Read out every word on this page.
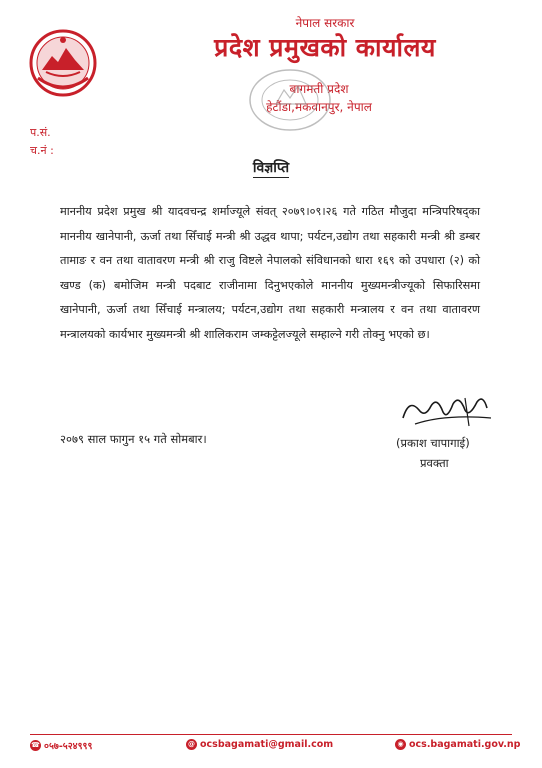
नेपाल सरकार
प्रदेश प्रमुखको कार्यालय
बागमती प्रदेश
हेटौंडा,मकवानपुर, नेपाल
प.सं.
च.नं :
विज्ञप्ति
माननीय प्रदेश प्रमुख श्री यादवचन्द्र शर्माज्यूले संवत् २०७९।०९।२६ गते गठित मौजुदा मन्त्रिपरिषद्का माननीय खानेपानी, ऊर्जा तथा सिँचाई मन्त्री श्री उद्धव थापा; पर्यटन,उद्योग तथा सहकारी मन्त्री श्री डम्बर तामाङ र वन तथा वातावरण मन्त्री श्री राजु विष्टले नेपालको संविधानको धारा १६९ को उपधारा (२) को खण्ड (क) बमोजिम मन्त्री पदबाट राजीनामा दिनुभएकोले माननीय मुख्यमन्त्रीज्यूको सिफारिसमा खानेपानी, ऊर्जा तथा सिँचाई मन्त्रालय; पर्यटन,उद्योग तथा सहकारी मन्त्रालय र वन तथा वातावरण मन्त्रालयको कार्यभार मुख्यमन्त्री श्री शालिकराम जम्कट्टेलज्यूले सम्हाल्ने गरी तोक्नु भएको छ।
२०७९ साल फागुन १५ गते सोमबार।	(प्रकाश चापागाई)
प्रवक्ता
☎ ०५७-५२४९९९	@ ocsbagamati@gmail.com	◉ ocs.bagamati.gov.np
